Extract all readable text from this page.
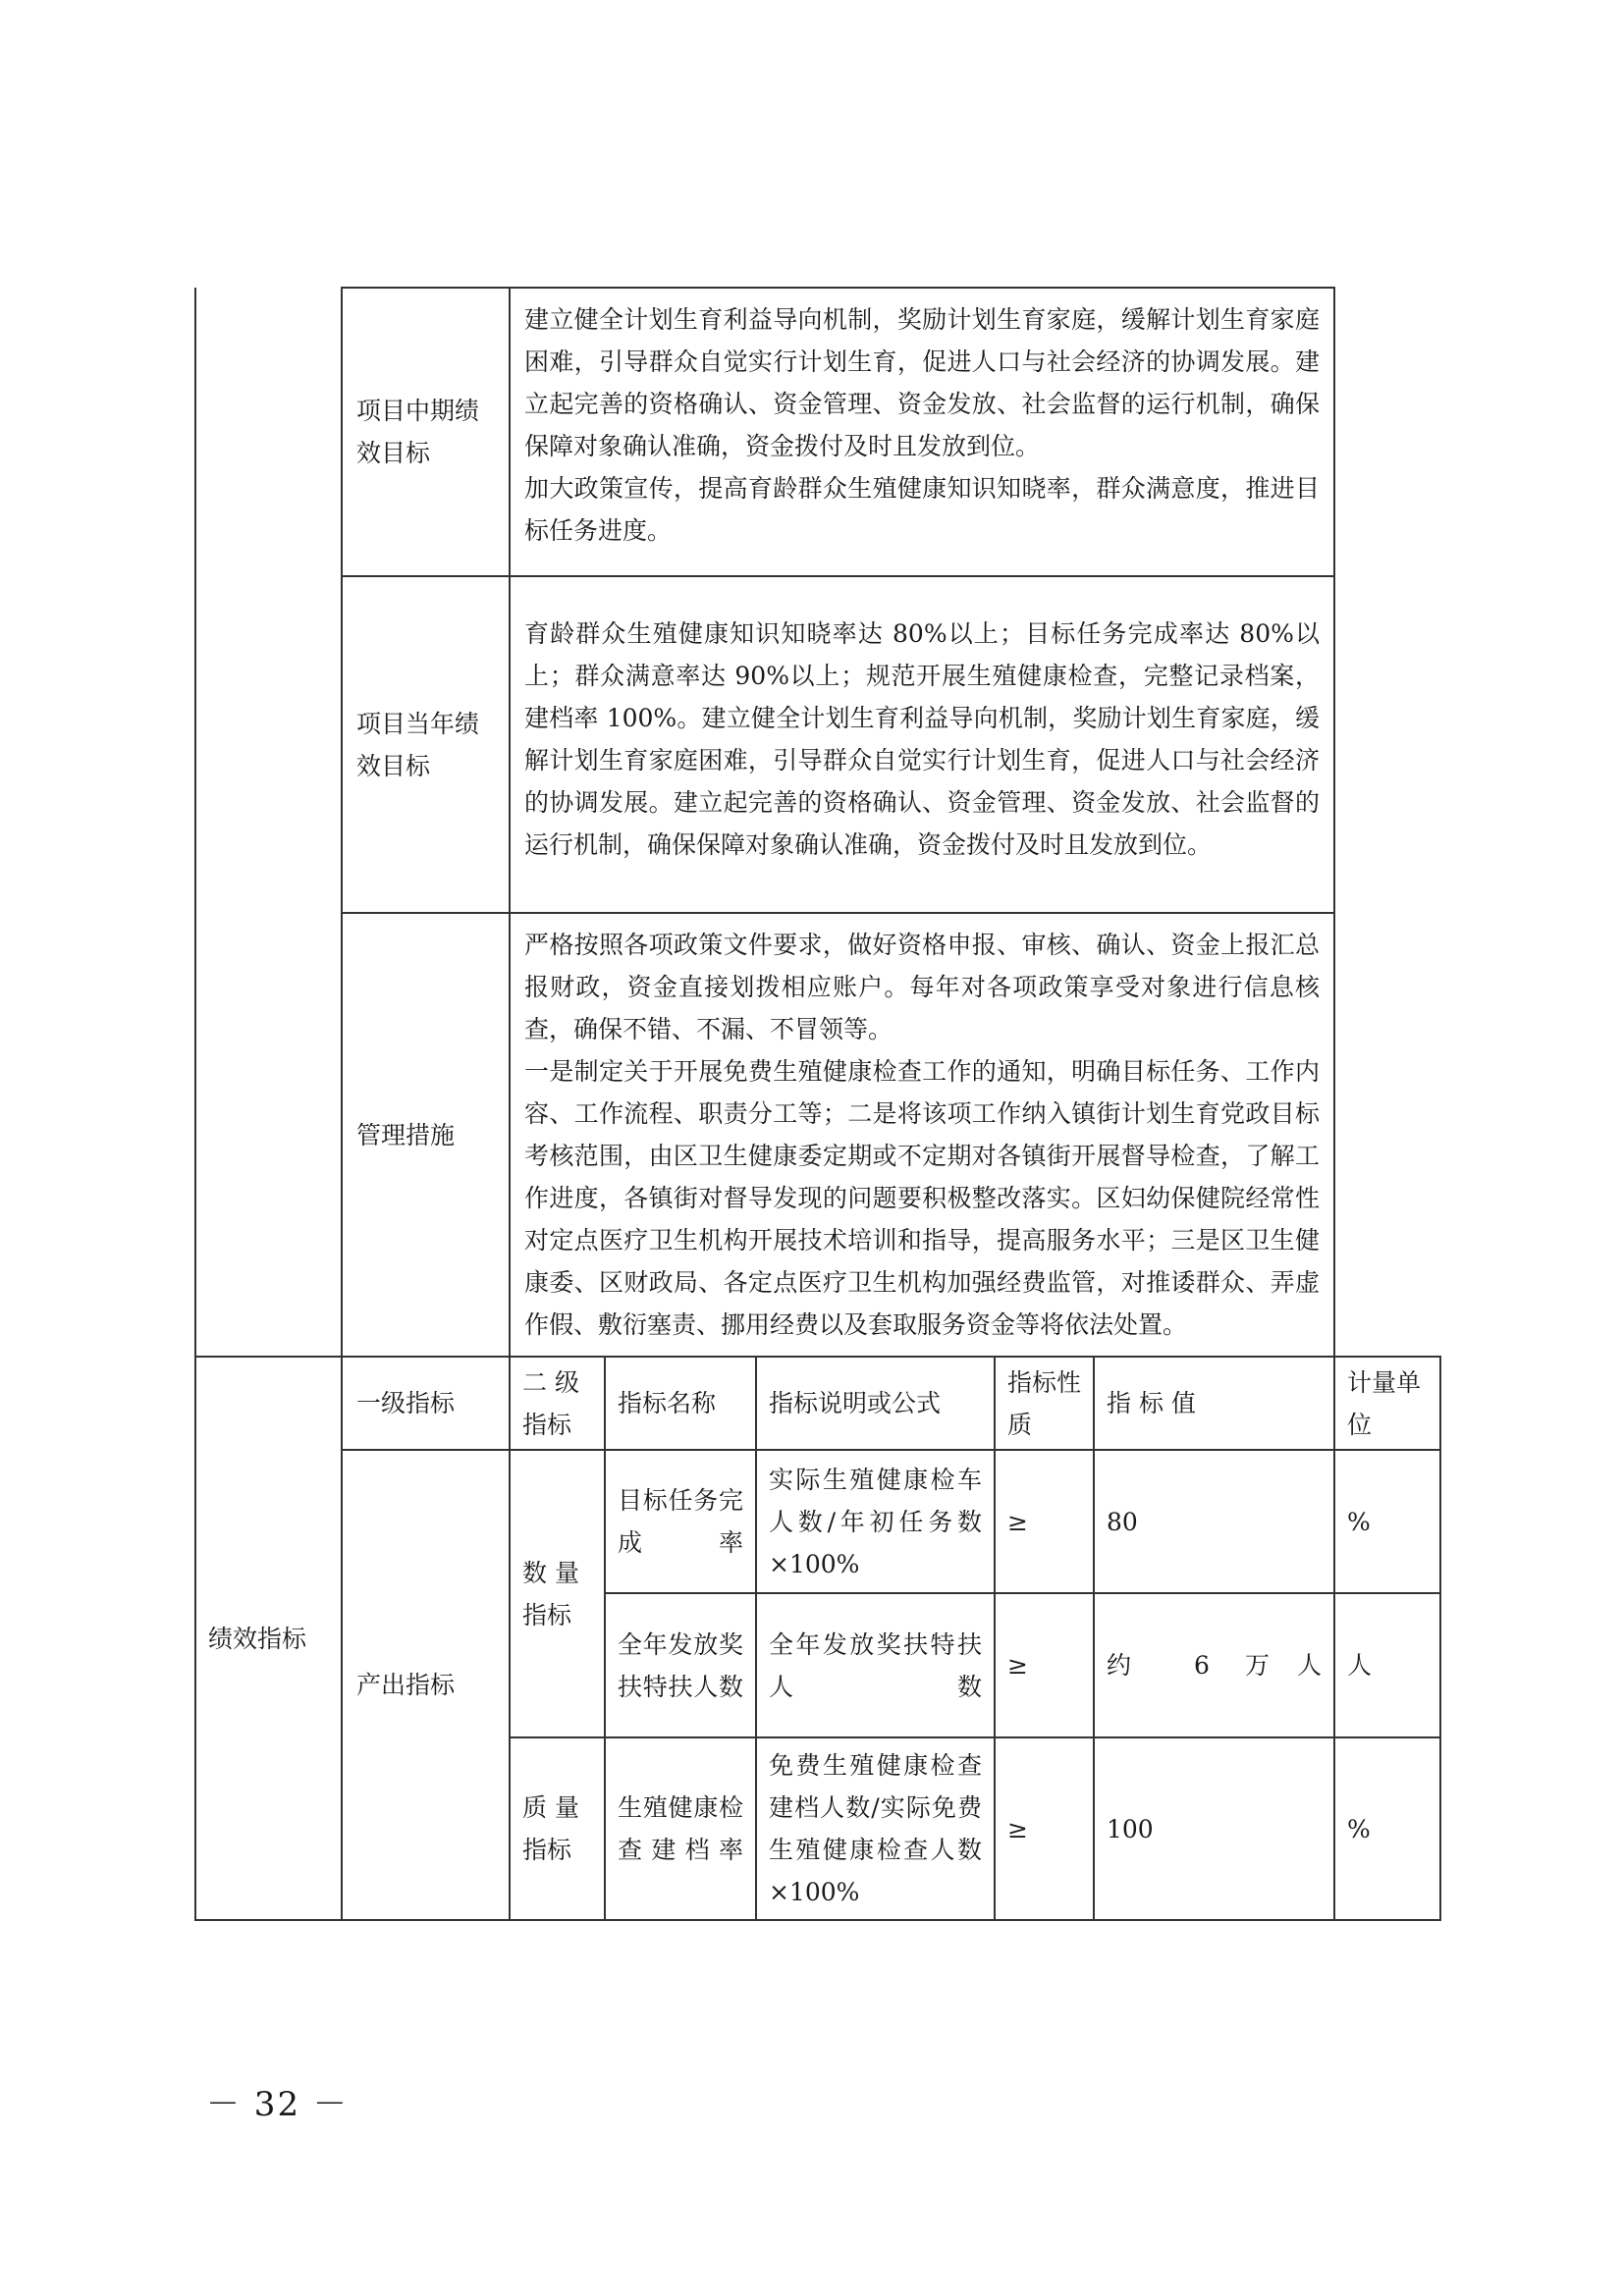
	项目中期绩效目标	建立健全计划生育利益导向机制，奖励计划生育家庭，缓解计划生育家庭困难，引导群众自觉实行计划生育，促进人口与社会经济的协调发展。建立起完善的资格确认、资金管理、资金发放、社会监督的运行机制，确保保障对象确认准确，资金拨付及时且发放到位。

加大政策宣传，提高育龄群众生殖健康知识知晓率，群众满意度，推进目标任务进度。					

	项目当年绩效目标	育龄群众生殖健康知识知晓率达 80%以上；目标任务完成率达 80%以上；群众满意率达 90%以上；规范开展生殖健康检查，完整记录档案，建档率 100%。建立健全计划生育利益导向机制，奖励计划生育家庭，缓解计划生育家庭困难，引导群众自觉实行计划生育，促进人口与社会经济的协调发展。建立起完善的资格确认、资金管理、资金发放、社会监督的运行机制，确保保障对象确认准确，资金拨付及时且发放到位。					

	管理措施	严格按照各项政策文件要求，做好资格申报、审核、确认、资金上报汇总报财政，资金直接划拨相应账户。每年对各项政策享受对象进行信息核查，确保不错、不漏、不冒领等。

一是制定关于开展免费生殖健康检查工作的通知，明确目标任务、工作内容、工作流程、职责分工等；二是将该项工作纳入镇街计划生育党政目标考核范围，由区卫生健康委定期或不定期对各镇街开展督导检查，了解工作进度，各镇街对督导发现的问题要积极整改落实。区妇幼保健院经常性对定点医疗卫生机构开展技术培训和指导，提高服务水平；三是区卫生健康委、区财政局、各定点医疗卫生机构加强经费监管，对推诿群众、弄虚作假、敷衍塞责、挪用经费以及套取服务资金等将依法处置。					

绩效指标	一级指标	二 级 指标	指标名称	指标说明或公式	指标性质	指 标 值	计量单位
	产出指标	数 量 指标	目标任务完成率	实际生殖健康检车人数/年初任务数×100%	≥	80	%
			全年发放奖扶特扶人数	全年发放奖扶特扶人数	≥	约 6 万人	人
		质 量 指标	生殖健康检查建档率	免费生殖健康检查建档人数/实际免费生殖健康检查人数×100%	≥	100	%
－ 32 －
